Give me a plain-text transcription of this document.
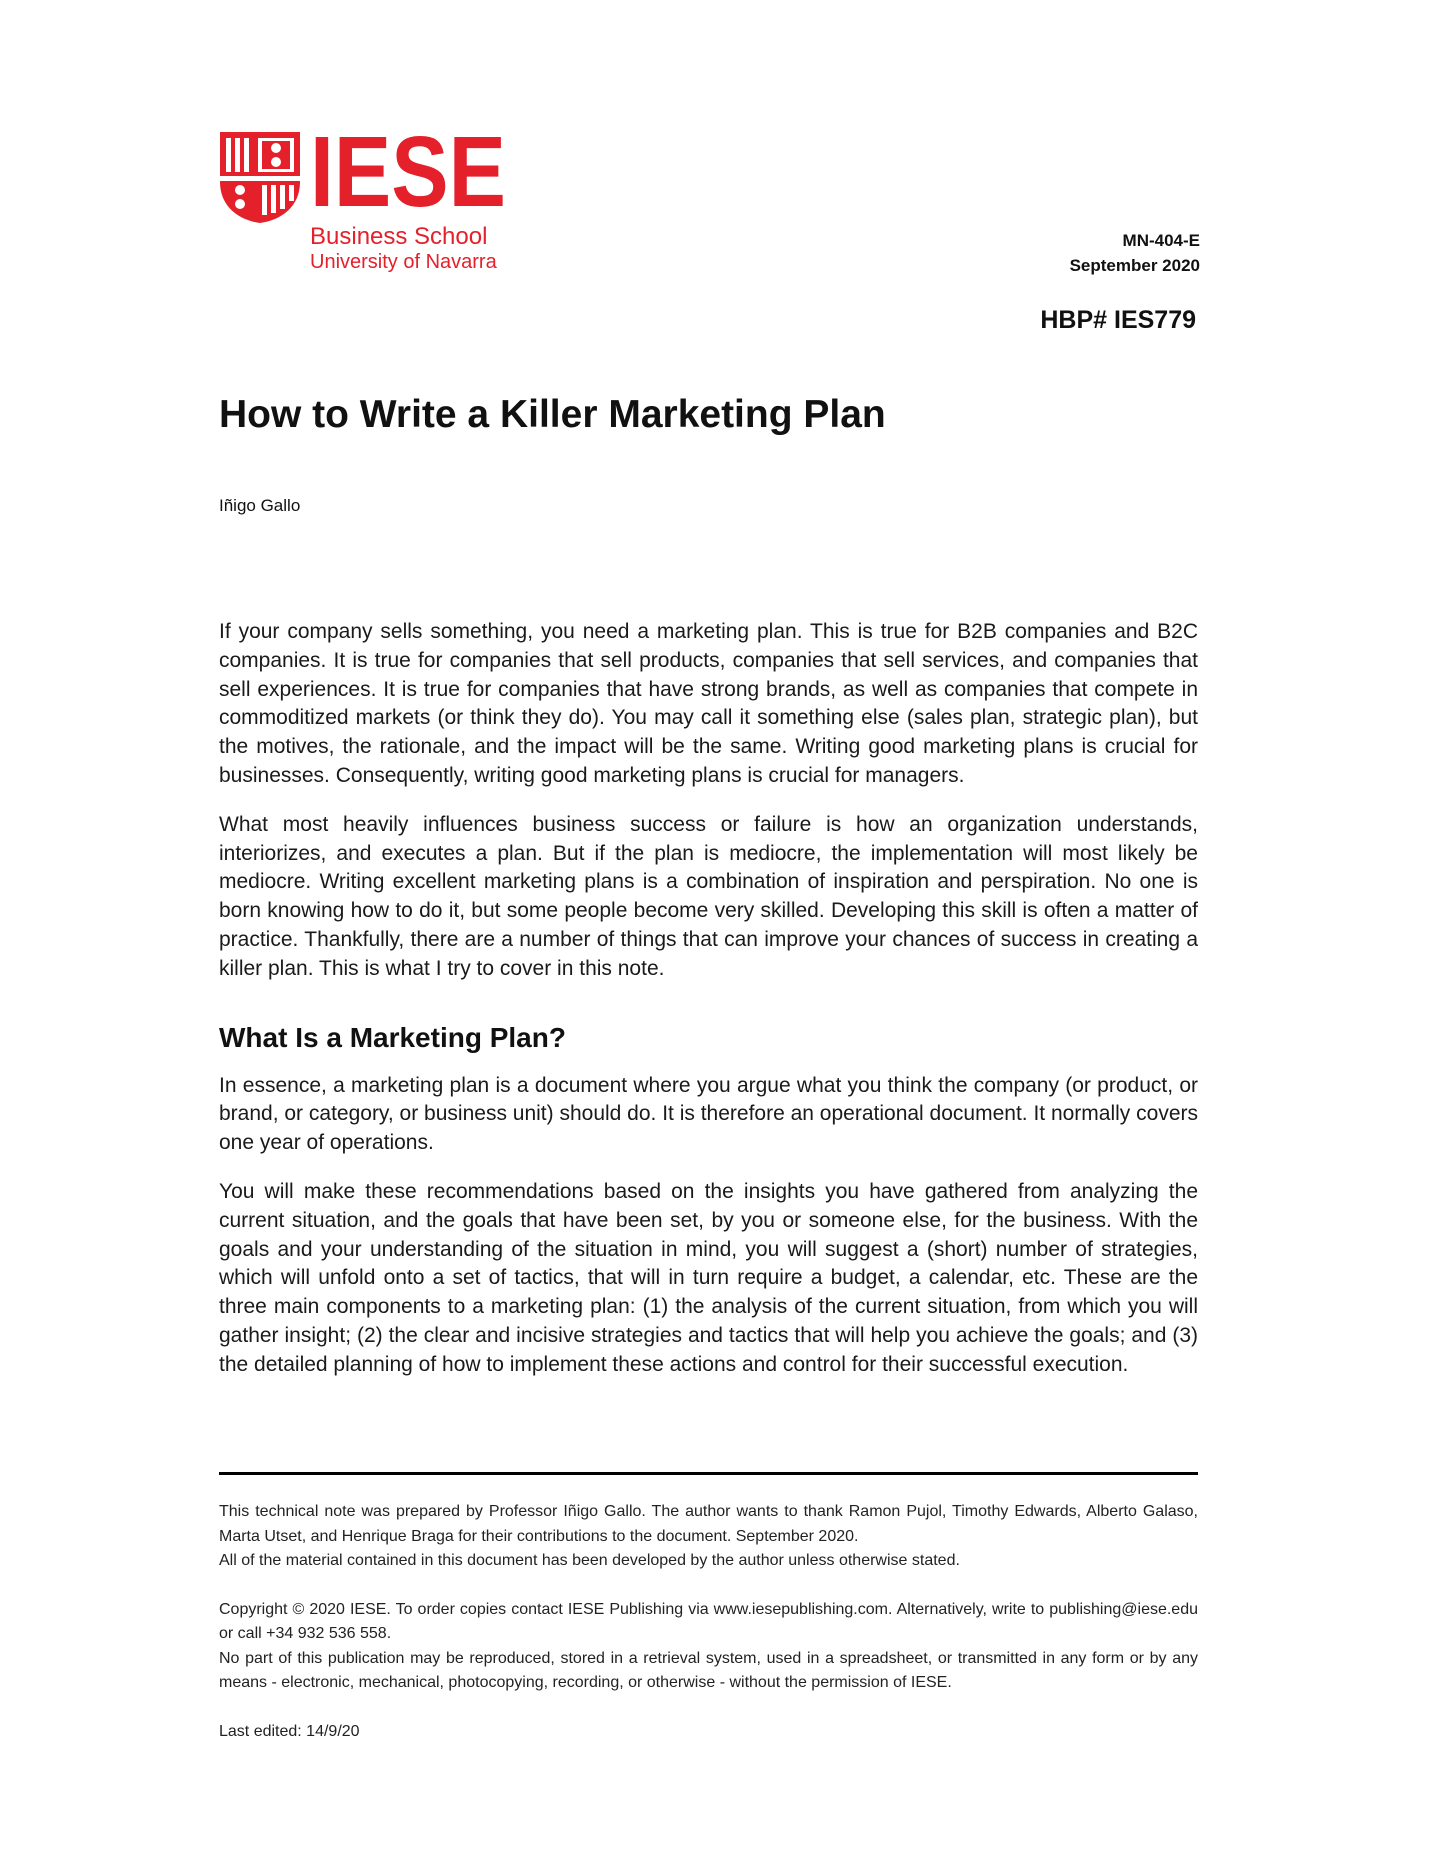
IESE
Business School
University of Navarra
MN-404-E
September 2020
HBP# IES779
How to Write a Killer Marketing Plan
Iñigo Gallo

If your company sells something, you need a marketing plan. This is true for B2B companies and B2C companies. It is true for companies that sell products, companies that sell services, and companies that sell experiences. It is true for companies that have strong brands, as well as companies that compete in commoditized markets (or think they do). You may call it something else (sales plan, strategic plan), but the motives, the rationale, and the impact will be the same. Writing good marketing plans is crucial for businesses. Consequently, writing good marketing plans is crucial for managers.

What most heavily influences business success or failure is how an organization understands, interiorizes, and executes a plan. But if the plan is mediocre, the implementation will most likely be mediocre. Writing excellent marketing plans is a combination of inspiration and perspiration. No one is born knowing how to do it, but some people become very skilled. Developing this skill is often a matter of practice. Thankfully, there are a number of things that can improve your chances of success in creating a killer plan. This is what I try to cover in this note.

What Is a Marketing Plan?

In essence, a marketing plan is a document where you argue what you think the company (or product, or brand, or category, or business unit) should do. It is therefore an operational document. It normally covers one year of operations.

You will make these recommendations based on the insights you have gathered from analyzing the current situation, and the goals that have been set, by you or someone else, for the business. With the goals and your understanding of the situation in mind, you will suggest a (short) number of strategies, which will unfold onto a set of tactics, that will in turn require a budget, a calendar, etc. These are the three main components to a marketing plan: (1) the analysis of the current situation, from which you will gather insight; (2) the clear and incisive strategies and tactics that will help you achieve the goals; and (3) the detailed planning of how to implement these actions and control for their successful execution.

This technical note was prepared by Professor Iñigo Gallo. The author wants to thank Ramon Pujol, Timothy Edwards, Alberto Galaso, Marta Utset, and Henrique Braga for their contributions to the document. September 2020.

All of the material contained in this document has been developed by the author unless otherwise stated.

Copyright © 2020 IESE. To order copies contact IESE Publishing via www.iesepublishing.com. Alternatively, write to publishing@iese.edu or call +34 932 536 558.

No part of this publication may be reproduced, stored in a retrieval system, used in a spreadsheet, or transmitted in any form or by any means - electronic, mechanical, photocopying, recording, or otherwise - without the permission of IESE.

Last edited: 14/9/20
